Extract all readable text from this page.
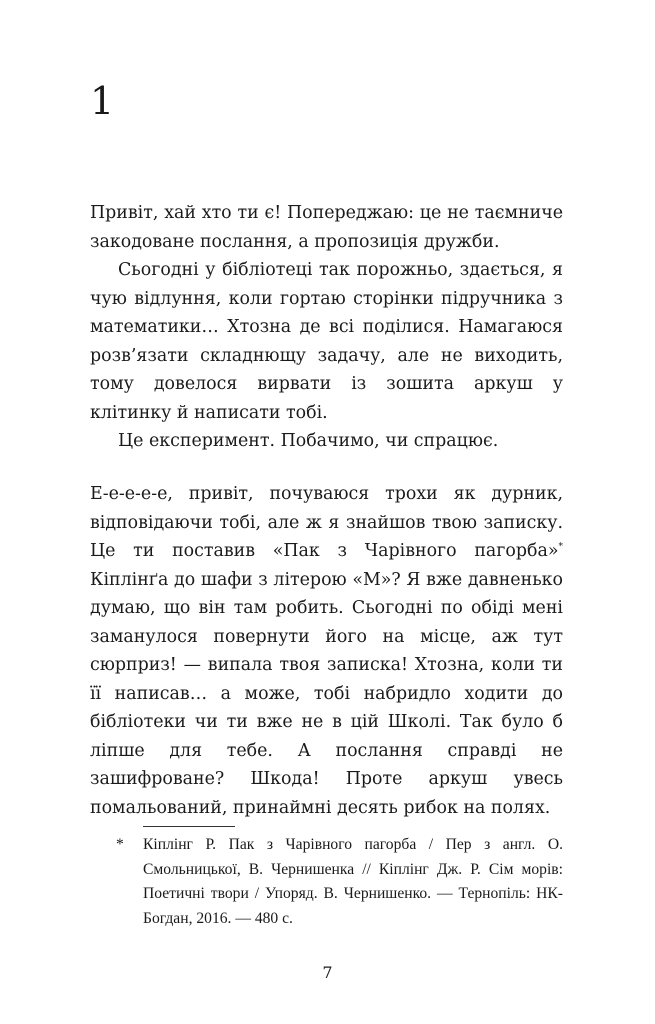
1

Привіт, хай хто ти є! Попереджаю: це не таємниче закодоване послання, а пропозиція дружби.

Сьогодні у бібліотеці так порожньо, здається, я чую відлуння, коли гортаю сторінки підручника з математики… Хтозна де всі поділися. Намагаюся розв’язати складнющу задачу, але не виходить, тому довелося вирвати із зошита аркуш у клітинку й написати тобі.

Це експеримент. Побачимо, чи спрацює.

Е-е-е-е-е, привіт, почуваюся трохи як дурник, відповідаючи тобі, але ж я знайшов твою записку. Це ти поставив «Пак з Чарівного пагорба»* Кіплінґа до шафи з літерою «М»? Я вже давненько думаю, що він там робить. Сьогодні по обіді мені заманулося повернути його на місце, аж тут сюрприз! — випала твоя записка! Хтозна, коли ти її написав… а може, тобі набридло ходити до бібліотеки чи ти вже не в цій Школі. Так було б ліпше для тебе. А послання справді не зашифроване? Шкода! Проте аркуш увесь помальований, принаймні десять рибок на полях.

* Кіплінг Р. Пак з Чарівного пагорба / Пер з англ. О. Смольницької, В. Чернишенка // Кіплінг Дж. Р. Сім морів: Поетичні твори / Упоряд. В. Чернишенко. — Тернопіль: НК-Богдан, 2016. — 480 с.
7
